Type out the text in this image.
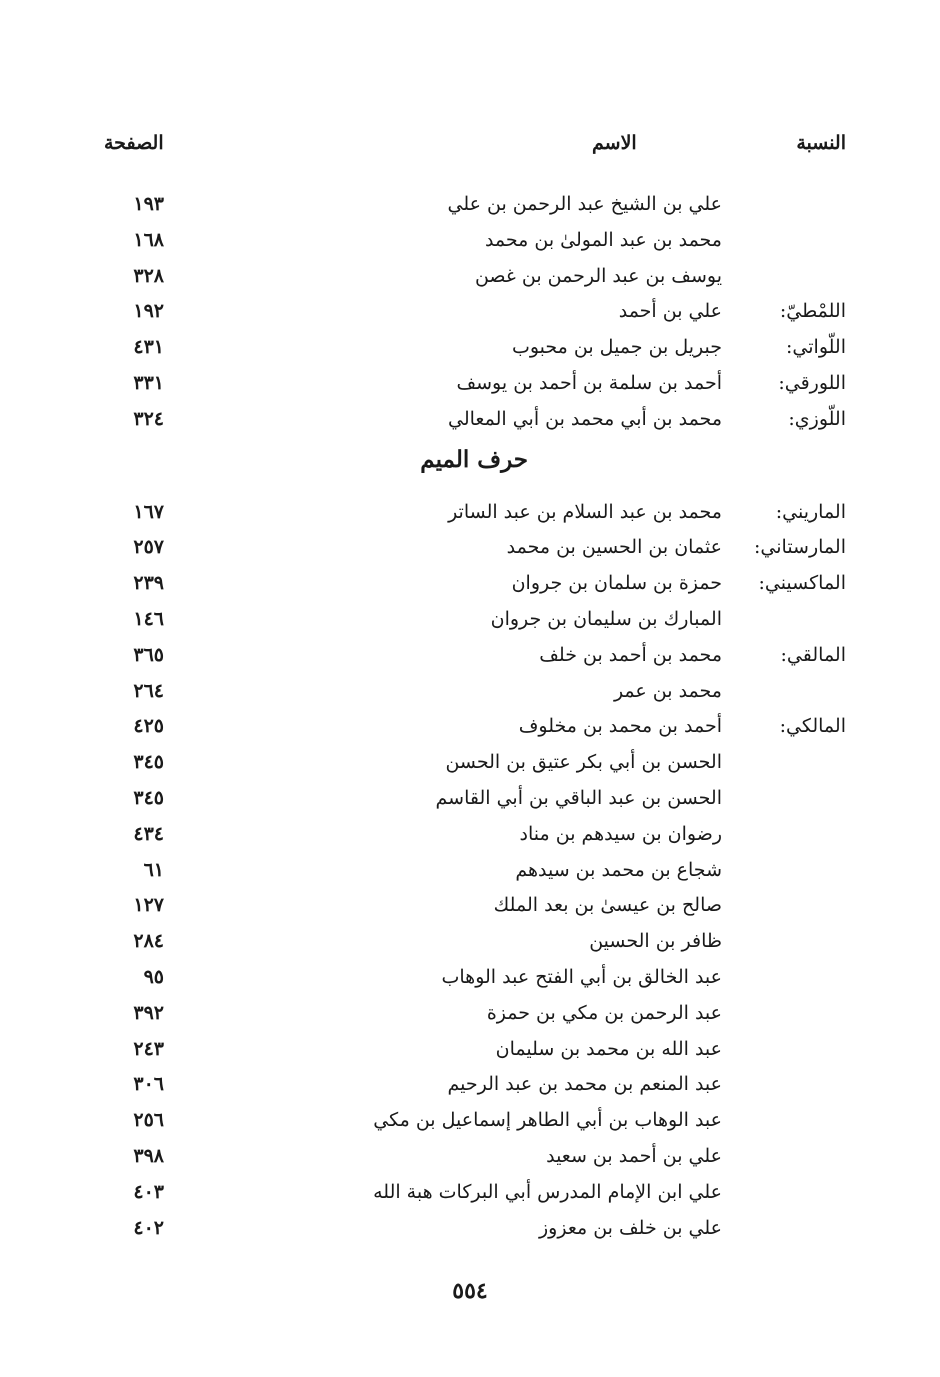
النسبة
الاسم
الصفحة
علي بن الشيخ عبد الرحمن بن علي
١٩٣
محمد بن عبد المولىٰ بن محمد
١٦٨
يوسف بن عبد الرحمن بن غصن
٣٢٨
اللمْطيّ:
علي بن أحمد
١٩٢
اللّواتي:
جبريل بن جميل بن محبوب
٤٣١
اللورقي:
أحمد بن سلمة بن أحمد بن يوسف
٣٣١
اللّوزي:
محمد بن أبي محمد بن أبي المعالي
٣٢٤
حرف الميم
الماريني:
محمد بن عبد السلام بن عبد الساتر
١٦٧
المارستاني:
عثمان بن الحسين بن محمد
٢٥٧
الماكسيني:
حمزة بن سلمان بن جروان
٢٣٩
المبارك بن سليمان بن جروان
١٤٦
المالقي:
محمد بن أحمد بن خلف
٣٦٥
محمد بن عمر
٢٦٤
المالكي:
أحمد بن محمد بن مخلوف
٤٢٥
الحسن بن أبي بكر عتيق بن الحسن
٣٤٥
الحسن بن عبد الباقي بن أبي القاسم
٣٤٥
رضوان بن سيدهم بن مناد
٤٣٤
شجاع بن محمد بن سيدهم
٦١
صالح بن عيسىٰ بن بعد الملك
١٢٧
ظافر بن الحسين
٢٨٤
عبد الخالق بن أبي الفتح عبد الوهاب
٩٥
عبد الرحمن بن مكي بن حمزة
٣٩٢
عبد الله بن محمد بن سليمان
٢٤٣
عبد المنعم بن محمد بن عبد الرحيم
٣٠٦
عبد الوهاب بن أبي الطاهر إسماعيل بن مكي
٢٥٦
علي بن أحمد بن سعيد
٣٩٨
علي ابن الإمام المدرس أبي البركات هبة الله
٤٠٣
علي بن خلف بن معزوز
٤٠٢
٥٥٤
